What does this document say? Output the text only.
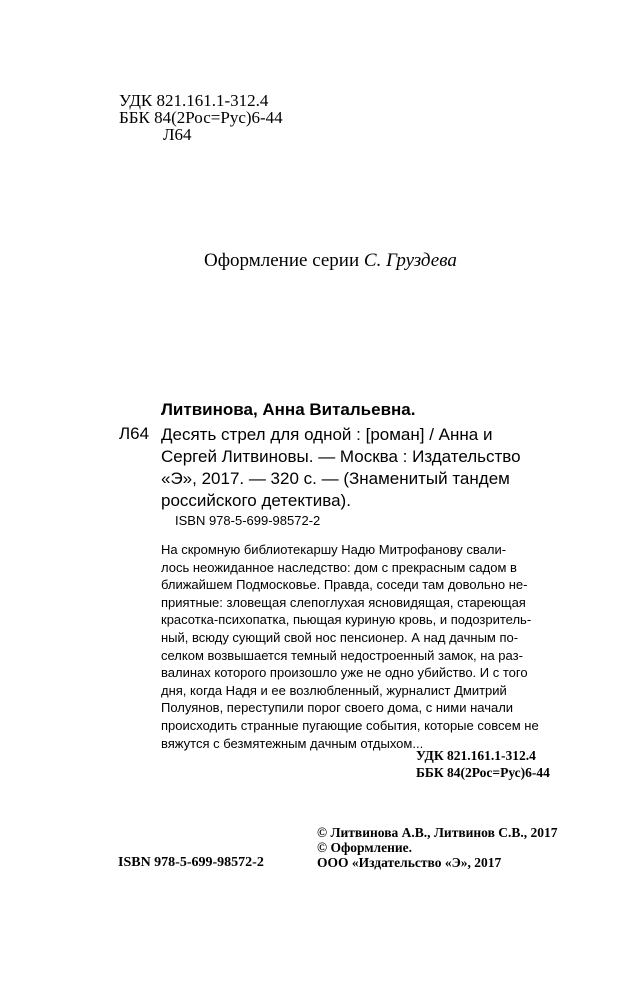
УДК 821.161.1-312.4
ББК 84(2Рос=Рус)6-44
Л64
Оформление серии С. Груздева
Литвинова, Анна Витальевна.
Л64 Десять стрел для одной : [роман] / Анна и
Сергей Литвиновы. — Москва : Издательство
«Э», 2017. — 320 с. — (Знаменитый тандем
российского детектива).
ISBN 978-5-699-98572-2
На скромную библиотекаршу Надю Митрофанову свали-
лось неожиданное наследство: дом с прекрасным садом в
ближайшем Подмосковье. Правда, соседи там довольно не-
приятные: зловещая слепоглухая ясновидящая, стареющая
красотка-психопатка, пьющая куриную кровь, и подозритель-
ный, всюду сующий свой нос пенсионер. А над дачным по-
селком возвышается темный недостроенный замок, на раз-
валинах которого произошло уже не одно убийство. И с того
дня, когда Надя и ее возлюбленный, журналист Дмитрий
Полуянов, переступили порог своего дома, с ними начали
происходить странные пугающие события, которые совсем не
вяжутся с безмятежным дачным отдыхом...
УДК 821.161.1-312.4
ББК 84(2Рос=Рус)6-44
© Литвинова А.В., Литвинов С.В., 2017
© Оформление.
ООО «Издательство «Э», 2017
ISBN 978-5-699-98572-2
